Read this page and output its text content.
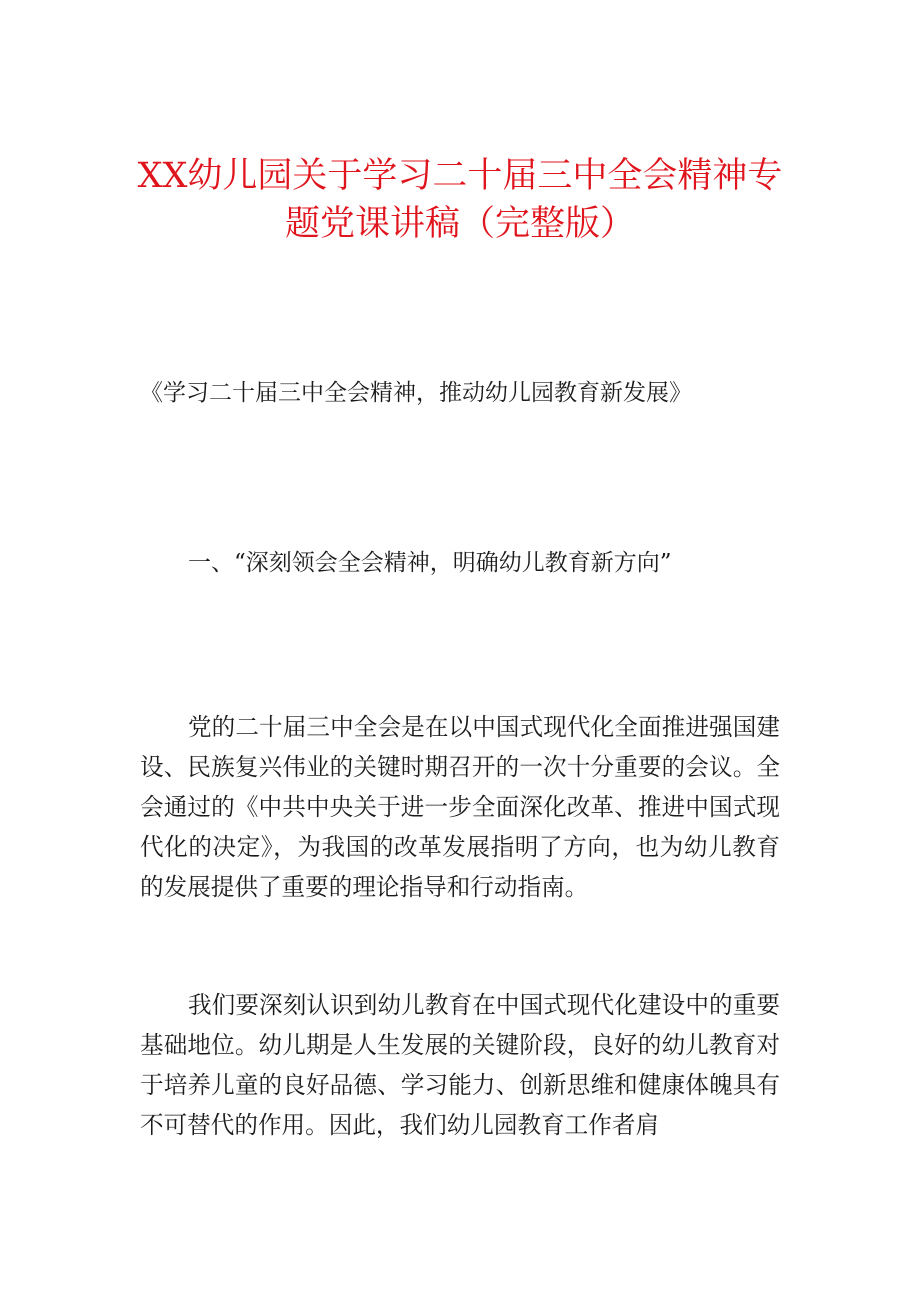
XX幼儿园关于学习二十届三中全会精神专
题党课讲稿（完整版）
《学习二十届三中全会精神，推动幼儿园教育新发展》
一、“深刻领会全会精神，明确幼儿教育新方向”

党的二十届三中全会是在以中国式现代化全面推进强国建设、民族复兴伟业的关键时期召开的一次十分重要的会议。全会通过的《中共中央关于进一步全面深化改革、推进中国式现代化的决定》，为我国的改革发展指明了方向，也为幼儿教育的发展提供了重要的理论指导和行动指南。

我们要深刻认识到幼儿教育在中国式现代化建设中的重要基础地位。幼儿期是人生发展的关键阶段，良好的幼儿教育对于培养儿童的良好品德、学习能力、创新思维和健康体魄具有不可替代的作用。因此，我们幼儿园教育工作者肩
